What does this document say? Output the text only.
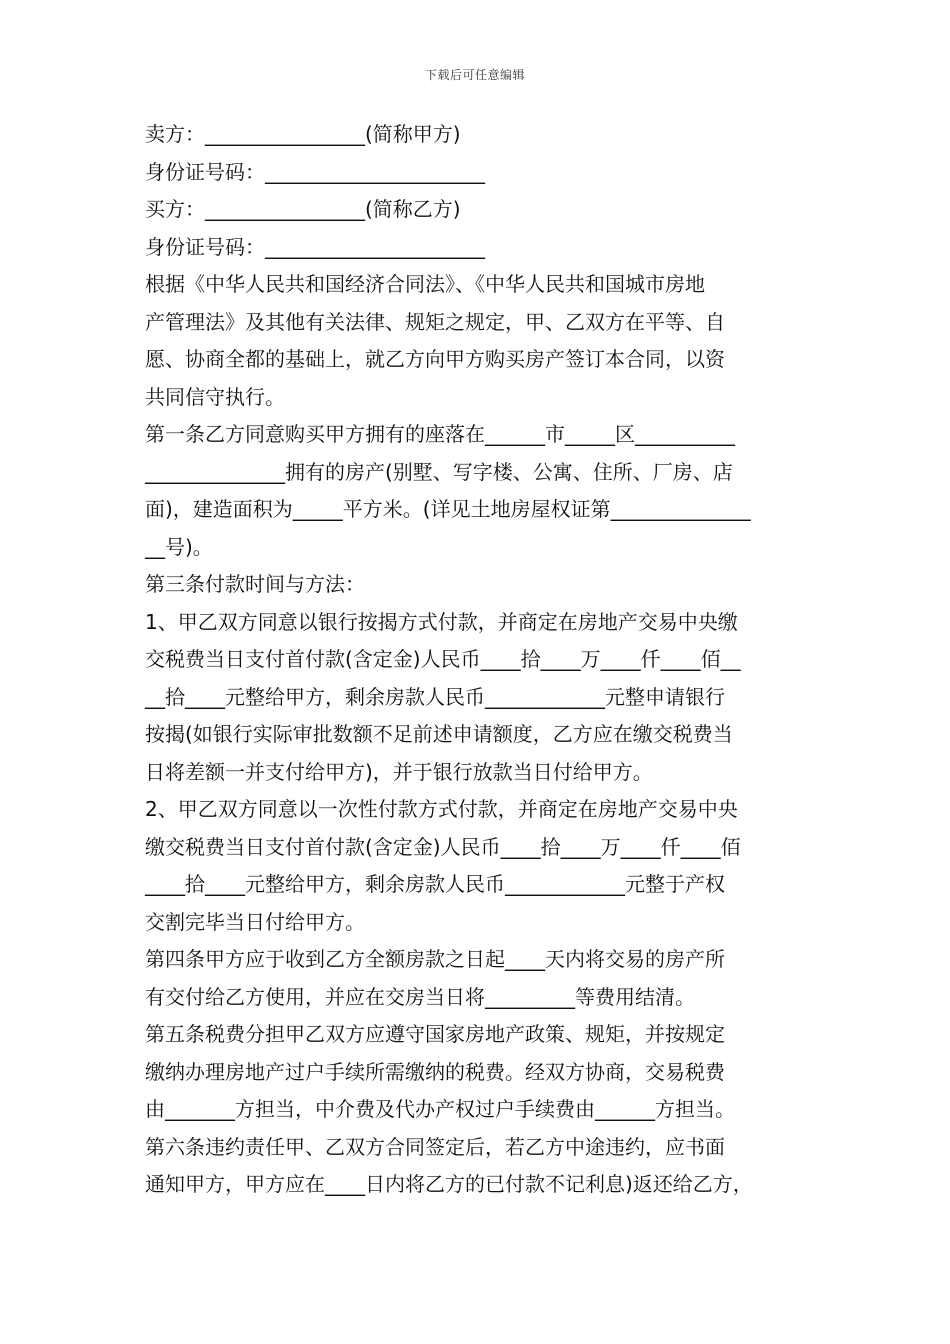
下载后可任意编辑
卖方：________________(简称甲方)
身份证号码：______________________
买方：________________(简称乙方)
身份证号码：______________________
根据《中华人民共和国经济合同法》、《中华人民共和国城市房地
产管理法》及其他有关法律、规矩之规定，甲、乙双方在平等、自
愿、协商全都的基础上，就乙方向甲方购买房产签订本合同，以资
共同信守执行。
第一条乙方同意购买甲方拥有的座落在______市_____区__________
______________拥有的房产(别墅、写字楼、公寓、住所、厂房、店
面)，建造面积为_____平方米。(详见土地房屋权证第______________
__号)。
第三条付款时间与方法：
1、甲乙双方同意以银行按揭方式付款，并商定在房地产交易中央缴
交税费当日支付首付款(含定金)人民币____拾____万____仟____佰__
__拾____元整给甲方，剩余房款人民币____________元整申请银行
按揭(如银行实际审批数额不足前述申请额度，乙方应在缴交税费当
日将差额一并支付给甲方)，并于银行放款当日付给甲方。
2、甲乙双方同意以一次性付款方式付款，并商定在房地产交易中央
缴交税费当日支付首付款(含定金)人民币____拾____万____仟____佰
____拾____元整给甲方，剩余房款人民币____________元整于产权
交割完毕当日付给甲方。
第四条甲方应于收到乙方全额房款之日起____天内将交易的房产所
有交付给乙方使用，并应在交房当日将_________等费用结清。
第五条税费分担甲乙双方应遵守国家房地产政策、规矩，并按规定
缴纳办理房地产过户手续所需缴纳的税费。经双方协商，交易税费
由_______方担当，中介费及代办产权过户手续费由______方担当。
第六条违约责任甲、乙双方合同签定后，若乙方中途违约，应书面
通知甲方，甲方应在____日内将乙方的已付款不记利息)返还给乙方，
